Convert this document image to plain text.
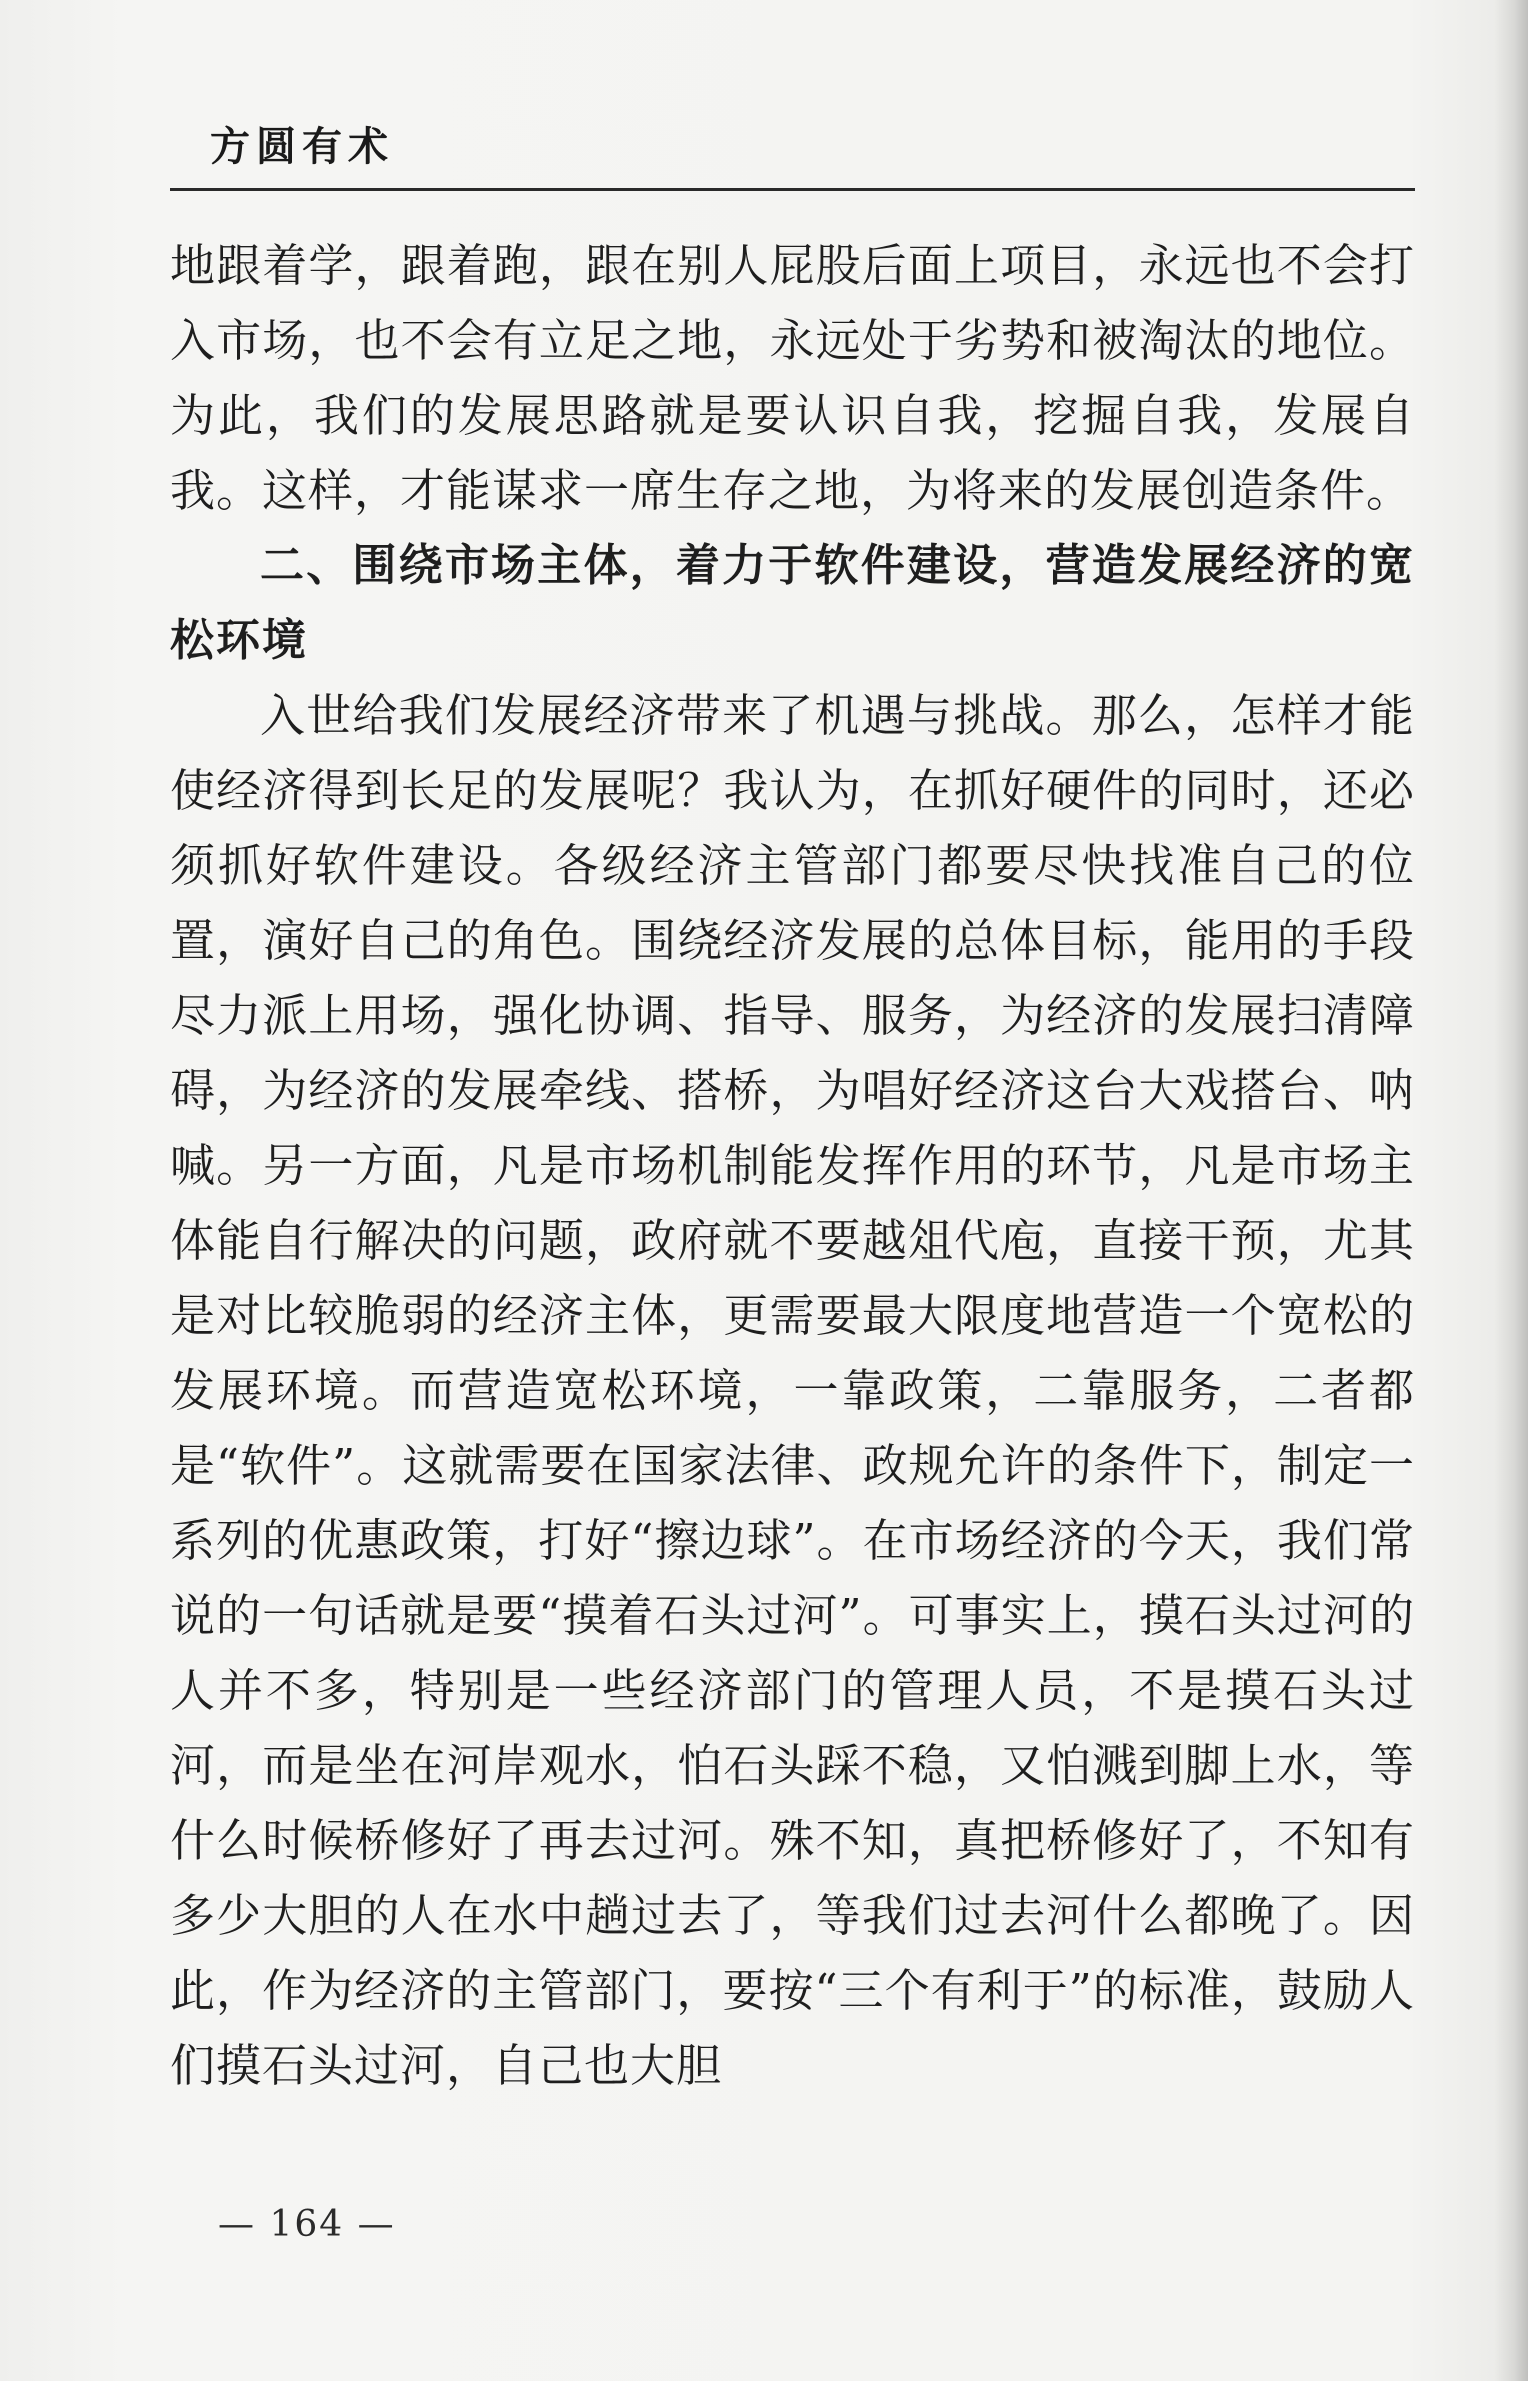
方圆有术

地跟着学，跟着跑，跟在别人屁股后面上项目，永远也不会打入市场，也不会有立足之地，永远处于劣势和被淘汰的地位。为此，我们的发展思路就是要认识自我，挖掘自我，发展自我。这样，才能谋求一席生存之地，为将来的发展创造条件。

二、围绕市场主体，着力于软件建设，营造发展经济的宽松环境

入世给我们发展经济带来了机遇与挑战。那么，怎样才能使经济得到长足的发展呢？我认为，在抓好硬件的同时，还必须抓好软件建设。各级经济主管部门都要尽快找准自己的位置，演好自己的角色。围绕经济发展的总体目标，能用的手段尽力派上用场，强化协调、指导、服务，为经济的发展扫清障碍，为经济的发展牵线、搭桥，为唱好经济这台大戏搭台、呐喊。另一方面，凡是市场机制能发挥作用的环节，凡是市场主体能自行解决的问题，政府就不要越俎代庖，直接干预，尤其是对比较脆弱的经济主体，更需要最大限度地营造一个宽松的发展环境。而营造宽松环境，一靠政策，二靠服务，二者都是“软件”。这就需要在国家法律、政规允许的条件下，制定一系列的优惠政策，打好“擦边球”。在市场经济的今天，我们常说的一句话就是要“摸着石头过河”。可事实上，摸石头过河的人并不多，特别是一些经济部门的管理人员，不是摸石头过河，而是坐在河岸观水，怕石头踩不稳，又怕溅到脚上水，等什么时候桥修好了再去过河。殊不知，真把桥修好了，不知有多少大胆的人在水中趟过去了，等我们过去河什么都晚了。因此，作为经济的主管部门，要按“三个有利于”的标准，鼓励人们摸石头过河，自己也大胆

— 164 —
